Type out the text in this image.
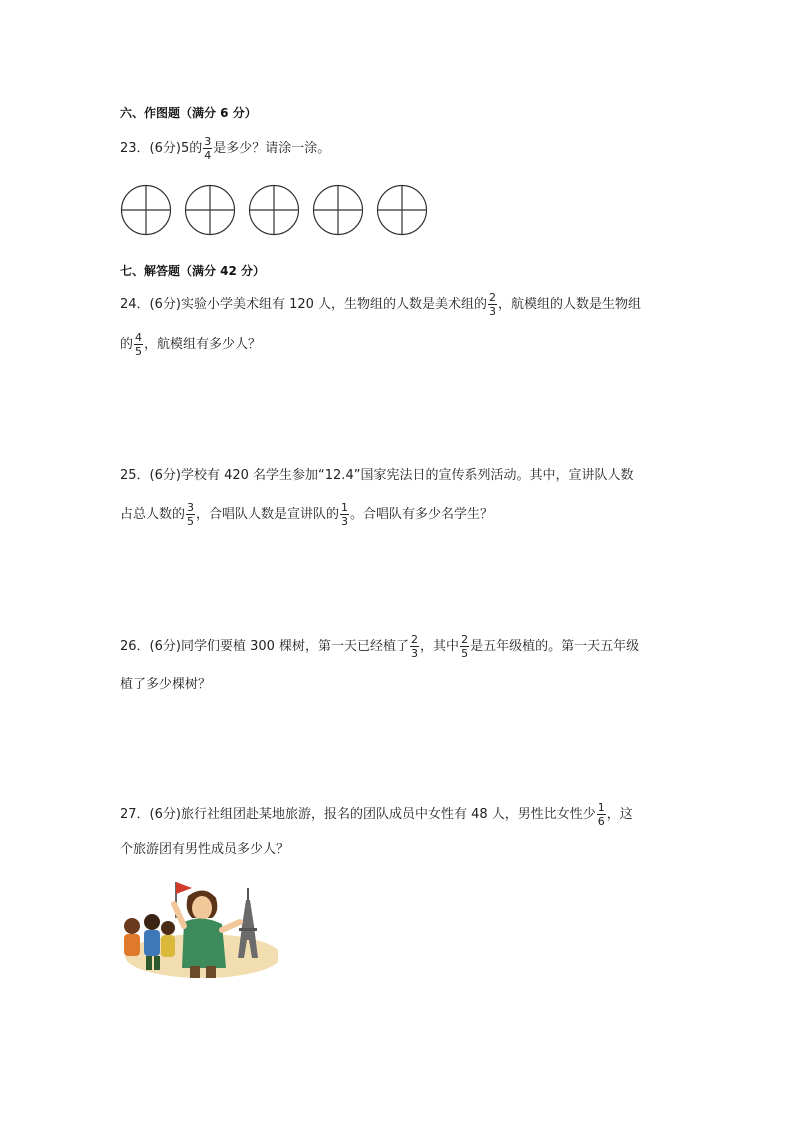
六、作图题（满分 6 分）
23．(6分)5的 $\frac{3}{4}$ 是多少？请涂一涂。
七、解答题（满分 42 分）
24．(6分)实验小学美术组有 120 人，生物组的人数是美术组的 $\frac{2}{3}$ ，航模组的人数是生物组
的 $\frac{4}{5}$ ，航模组有多少人？
25．(6分)学校有 420 名学生参加“12.4”国家宪法日的宣传系列活动。其中，宣讲队人数
占总人数的 $\frac{3}{5}$ ，合唱队人数是宣讲队的 $\frac{1}{3}$ 。合唱队有多少名学生？
26．(6分)同学们要植 300 棵树，第一天已经植了 $\frac{2}{3}$ ，其中 $\frac{2}{5}$ 是五年级植的。第一天五年级
植了多少棵树？
27．(6分)旅行社组团赴某地旅游，报名的团队成员中女性有 48 人，男性比女性少 $\frac{1}{6}$ ，这
个旅游团有男性成员多少人？
